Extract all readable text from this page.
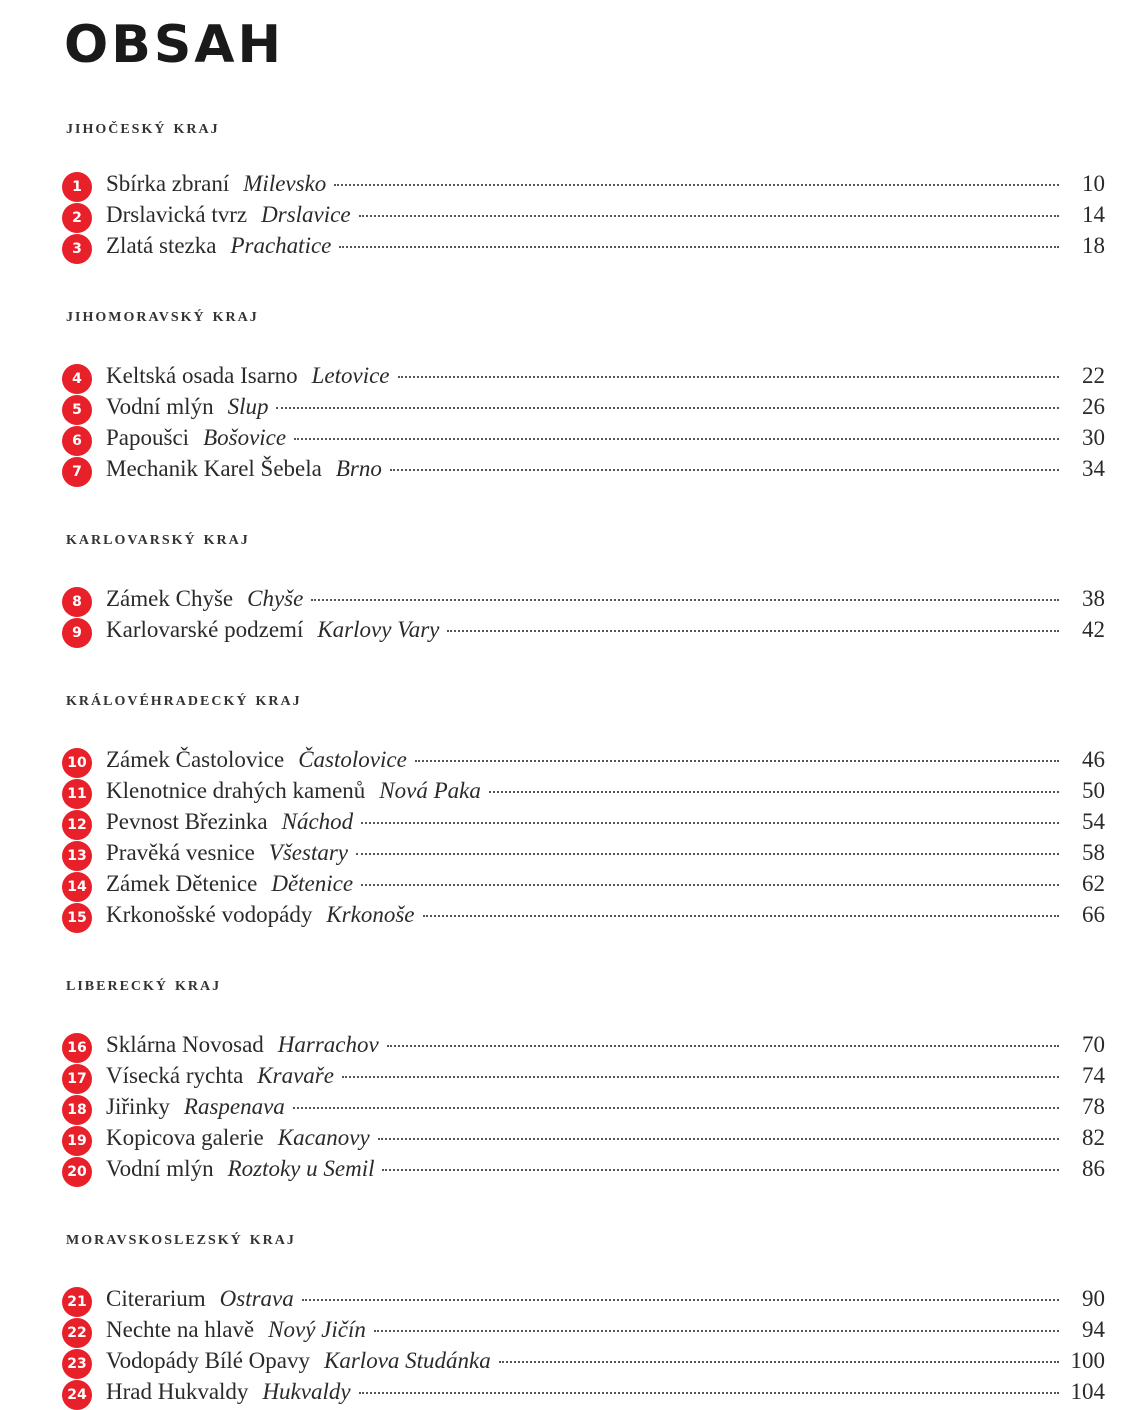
OBSAH
jihočeský kraj
1	Sbírka zbraní Milevsko	10
2	Drslavická tvrz Drslavice	14
3	Zlatá stezka Prachatice	18
jihomoravský kraj
4	Keltská osada Isarno Letovice	22
5	Vodní mlýn Slup	26
6	Papoušci Bošovice	30
7	Mechanik Karel Šebela Brno	34
karlovarský kraj
8	Zámek Chyše Chyše	38
9	Karlovarské podzemí Karlovy Vary	42
královéhradecký kraj
10 Zámek Častolovice Častolovice	46
11 Klenotnice drahých kamenů Nová Paka	50
12 Pevnost Březinka Náchod	54
13 Pravěká vesnice Všestary	58
14 Zámek Dětenice Dětenice	62
15 Krkonošské vodopády Krkonoše	66
liberecký kraj
16 Sklárna Novosad Harrachov	70
17 Vísecká rychta Kravaře	74
18 Jiřinky Raspenava	78
19 Kopicova galerie Kacanovy	82
20 Vodní mlýn Roztoky u Semil	86
moravskoslezský kraj
21 Citerarium Ostrava	90
22 Nechte na hlavě Nový Jičín	94
23 Vodopády Bílé Opavy Karlova Studánka	100
24 Hrad Hukvaldy Hukvaldy	104
